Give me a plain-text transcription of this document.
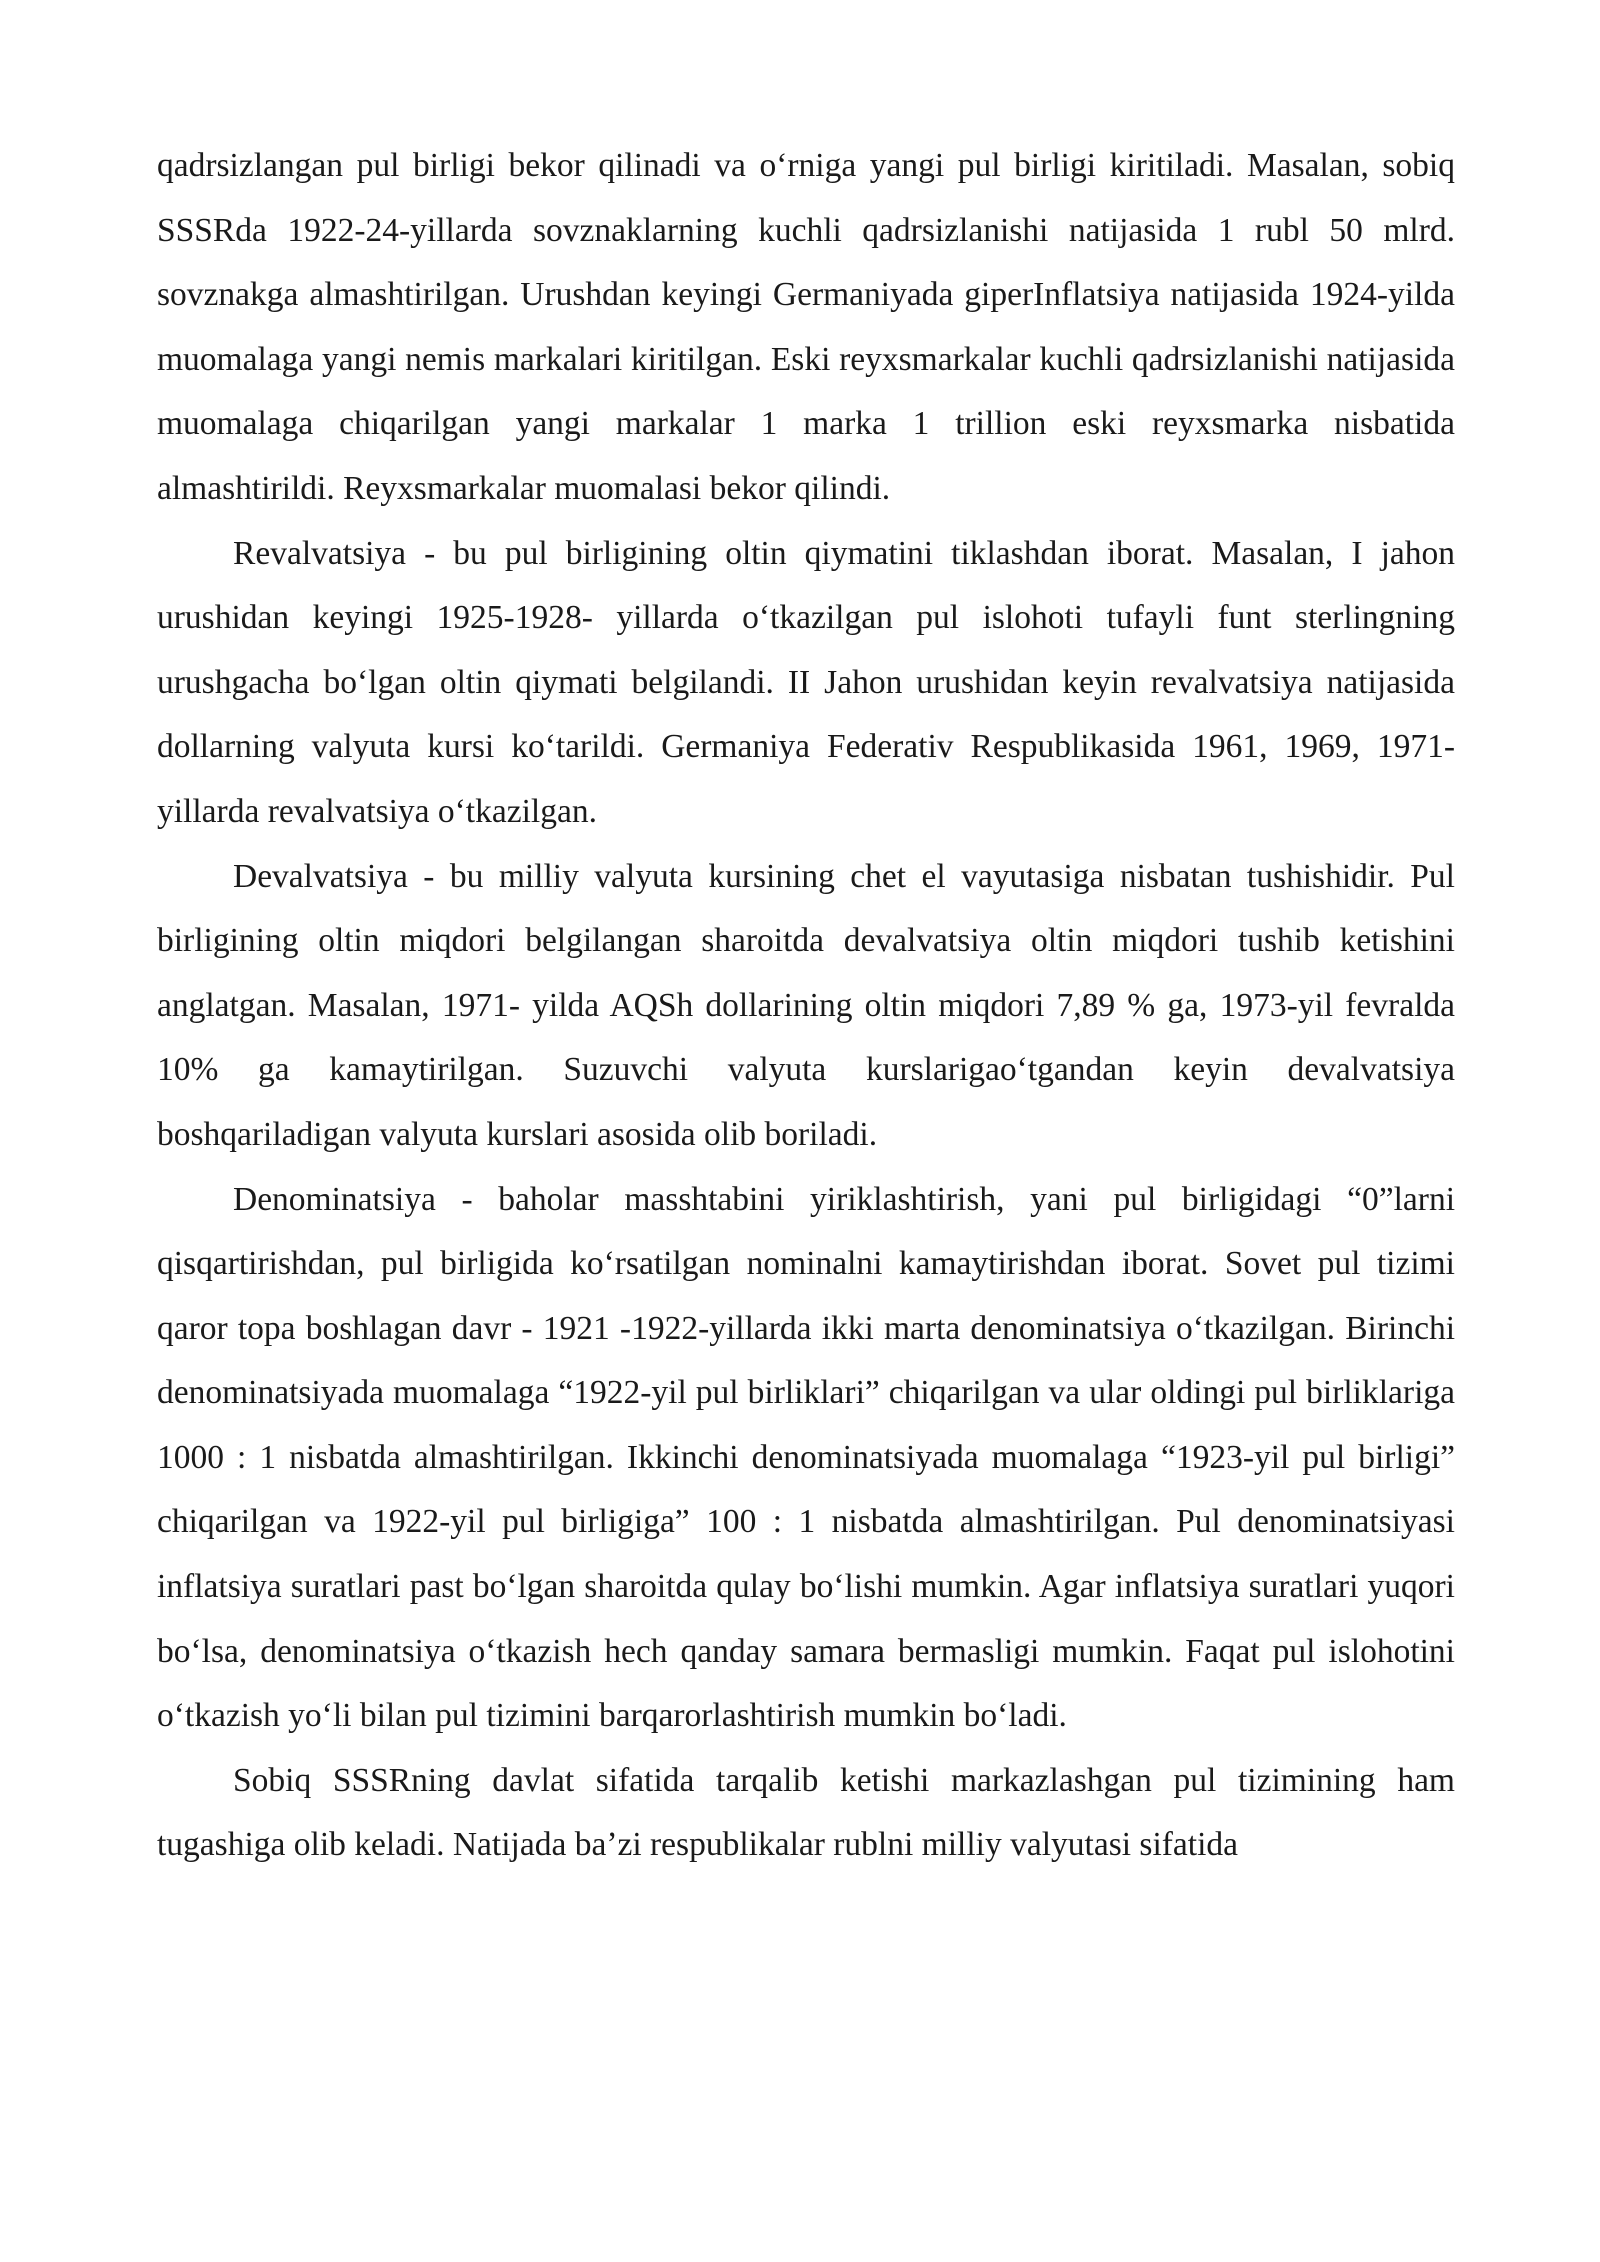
qadrsizlangan pul birligi bekor qilinadi va oʻrniga yangi pul birligi kiritiladi. Masalan, sobiq SSSRda 1922-24-yillarda sovznaklarning kuchli qadrsizlanishi natijasida 1 rubl 50 mlrd. sovznakga almashtirilgan. Urushdan keyingi Germaniyada giperInflatsiya natijasida 1924-yilda muomalaga yangi nemis markalari kiritilgan. Eski reyxsmarkalar kuchli qadrsizlanishi natijasida muomalaga chiqarilgan yangi markalar 1 marka 1 trillion eski reyxsmarka nisbatida almashtirildi. Reyxsmarkalar muomalasi bekor qilindi.

Revalvatsiya - bu pul birligining oltin qiymatini tiklashdan iborat. Masalan, I jahon urushidan keyingi 1925-1928- yillarda oʻtkazilgan pul islohoti tufayli funt sterlingning urushgacha boʻlgan oltin qiymati belgilandi. II Jahon urushidan keyin revalvatsiya natijasida dollarning valyuta kursi koʻtarildi. Germaniya Federativ Respublikasida 1961, 1969, 1971-yillarda revalvatsiya oʻtkazilgan.

Devalvatsiya - bu milliy valyuta kursining chet el vayutasiga nisbatan tushishidir. Pul birligining oltin miqdori belgilangan sharoitda devalvatsiya oltin miqdori tushib ketishini anglatgan. Masalan, 1971- yilda AQSh dollarining oltin miqdori 7,89 % ga, 1973-yil fevralda 10% ga kamaytirilgan. Suzuvchi valyuta kurslarigaoʻtgandan keyin devalvatsiya boshqariladigan valyuta kurslari asosida olib boriladi.

Denominatsiya - baholar masshtabini yiriklashtirish, yani pul birligidagi “0”larni qisqartirishdan, pul birligida koʻrsatilgan nominalni kamaytirishdan iborat. Sovet pul tizimi qaror topa boshlagan davr - 1921 -1922-yillarda ikki marta denominatsiya oʻtkazilgan. Birinchi denominatsiyada muomalaga “1922-yil pul birliklari” chiqarilgan va ular oldingi pul birliklariga 1000 : 1 nisbatda almashtirilgan. Ikkinchi denominatsiyada muomalaga “1923-yil pul birligi” chiqarilgan va 1922-yil pul birligiga” 100 : 1 nisbatda almashtirilgan. Pul denominatsiyasi inflatsiya suratlari past boʻlgan sharoitda qulay boʻlishi mumkin. Agar inflatsiya suratlari yuqori boʻlsa, denominatsiya oʻtkazish hech qanday samara bermasligi mumkin. Faqat pul islohotini oʻtkazish yoʻli bilan pul tizimini barqarorlashtirish mumkin boʻladi.

Sobiq SSSRning davlat sifatida tarqalib ketishi markazlashgan pul tizimining ham tugashiga olib keladi. Natijada baʼzi respublikalar rublni milliy valyutasi sifatida
